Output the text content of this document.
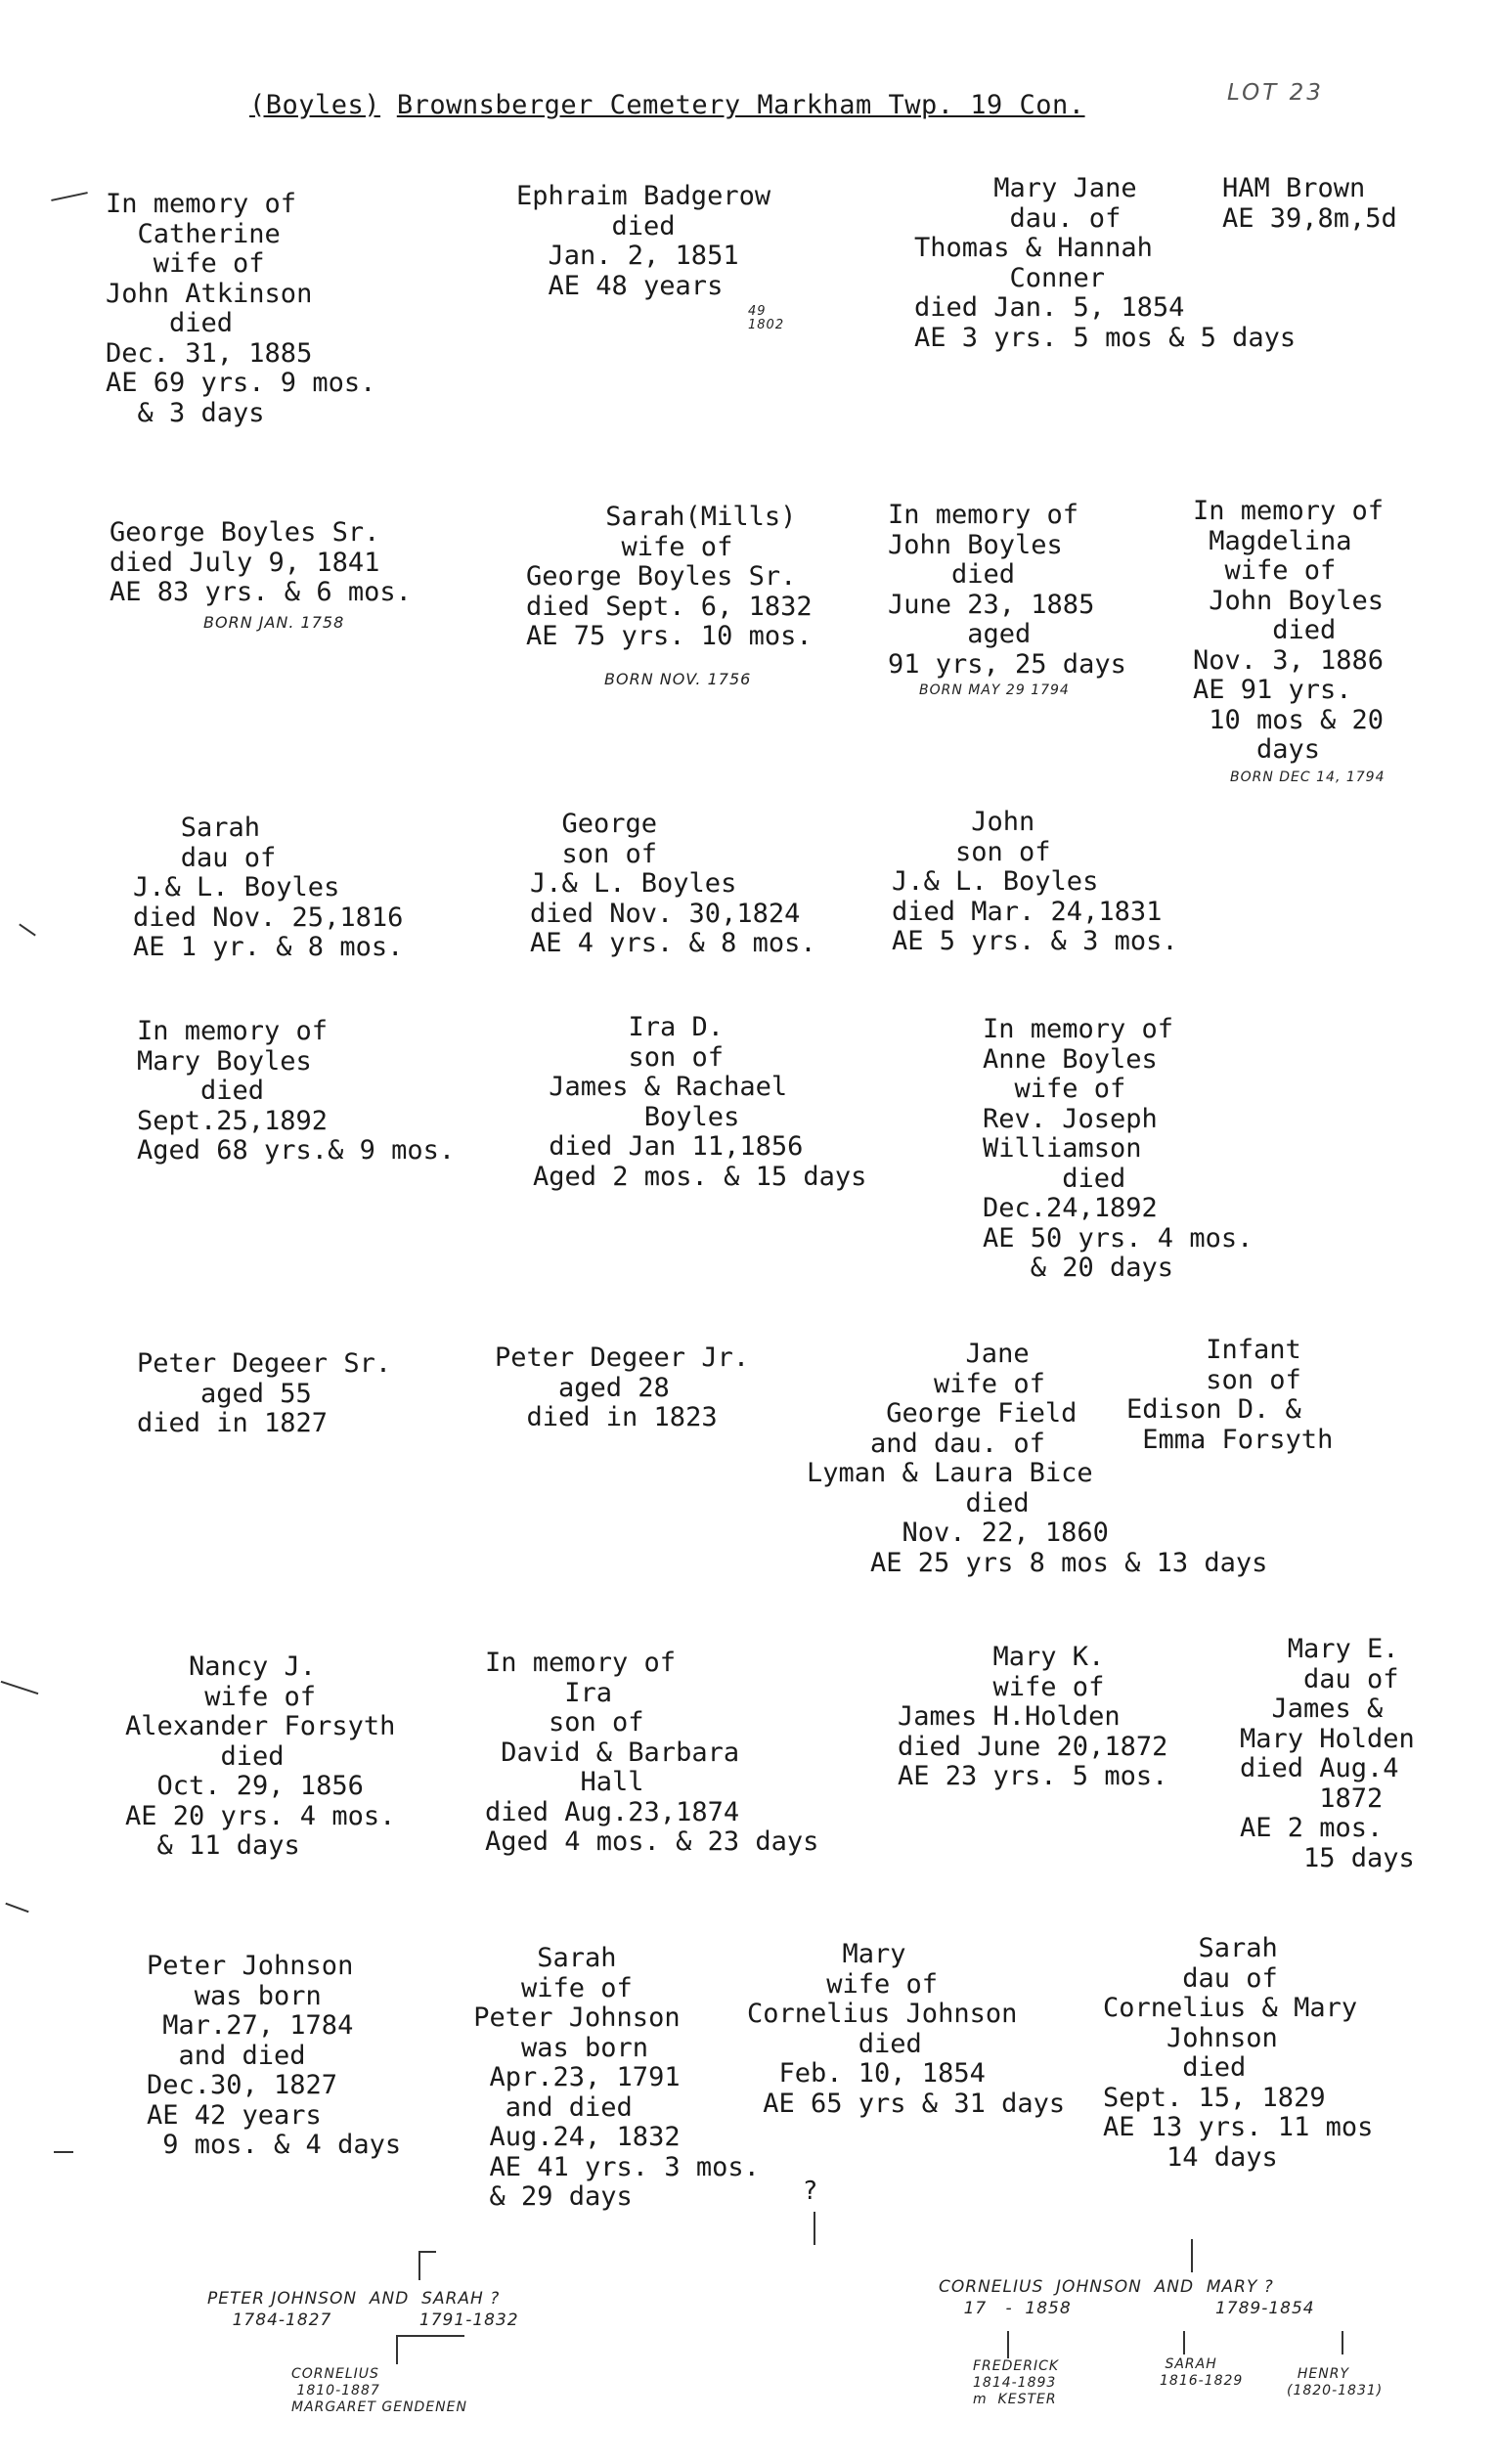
(Boyles) Brownsberger Cemetery Markham Twp. 19 Con.	LOT 23
In memory of
Catherine
wife of
John Atkinson
died
Dec. 31, 1885
AE 69 yrs. 9 mos.
& 3 days
Ephraim Badgerow
died
Jan. 2, 1851
AE 48 years
49
1802
Mary Jane
dau. of
Thomas & Hannah
Conner
died Jan. 5, 1854
AE 3 yrs. 5 mos & 5 days
HAM Brown
AE 39,8m,5d
George Boyles Sr.
died July 9, 1841
AE 83 yrs. & 6 mos.
BORN JAN. 1758
Sarah(Mills)
wife of
George Boyles Sr.
died Sept. 6, 1832
AE 75 yrs. 10 mos.
BORN NOV. 1756
In memory of
John Boyles
died
June 23, 1885
aged
91 yrs, 25 days
BORN MAY 29 1794
In memory of
Magdelina
wife of
John Boyles
died
Nov. 3, 1886
AE 91 yrs.
10 mos & 20
days
BORN DEC 14, 1794
Sarah
dau of
J.& L. Boyles
died Nov. 25,1816
AE 1 yr. & 8 mos.
George
son of
J.& L. Boyles
died Nov. 30,1824
AE 4 yrs. & 8 mos.
John
son of
J.& L. Boyles
died Mar. 24,1831
AE 5 yrs. & 3 mos.
In memory of
Mary Boyles
died
Sept.25,1892
Aged 68 yrs.& 9 mos.
Ira D.
son of
James & Rachael
Boyles
died Jan 11,1856
Aged 2 mos. & 15 days
In memory of
Anne Boyles
wife of
Rev. Joseph
Williamson
died
Dec.24,1892
AE 50 yrs. 4 mos.
& 20 days
Peter Degeer Sr.
aged 55
died in 1827
Peter Degeer Jr.
aged 28
died in 1823
Jane
wife of
George Field
and dau. of
Lyman & Laura Bice
died
Nov. 22, 1860
AE 25 yrs 8 mos & 13 days
Infant
son of
Edison D. &
Emma Forsyth
Nancy J.
wife of
Alexander Forsyth
died
Oct. 29, 1856
AE 20 yrs. 4 mos.
& 11 days
In memory of
Ira
son of
David & Barbara
Hall
died Aug.23,1874
Aged 4 mos. & 23 days
Mary K.
wife of
James H.Holden
died June 20,1872
AE 23 yrs. 5 mos.
Mary E.
dau of
James &
Mary Holden
died Aug.4
1872
AE 2 mos.
15 days
Peter Johnson
was born
Mar.27, 1784
and died
Dec.30, 1827
AE 42 years
9 mos. & 4 days
Sarah
wife of
Peter Johnson
was born
Apr.23, 1791
and died
Aug.24, 1832
AE 41 yrs. 3 mos.
& 29 days
Mary
wife of
Cornelius Johnson
died
Feb. 10, 1854
AE 65 yrs & 31 days
Sarah
dau of
Cornelius & Mary
Johnson
died
Sept. 15, 1829
AE 13 yrs. 11 mos
14 days
?
PETER JOHNSON  AND  SARAH ?
1784-1827              1791-1832
CORNELIUS
1810-1887
MARGARET GENDENEN
CORNELIUS  JOHNSON  AND  MARY ?
17   -  1858                       1789-1854
FREDERICK
1814-1893
m  KESTER
SARAH
1816-1829	HENRY
(1820-1831)
